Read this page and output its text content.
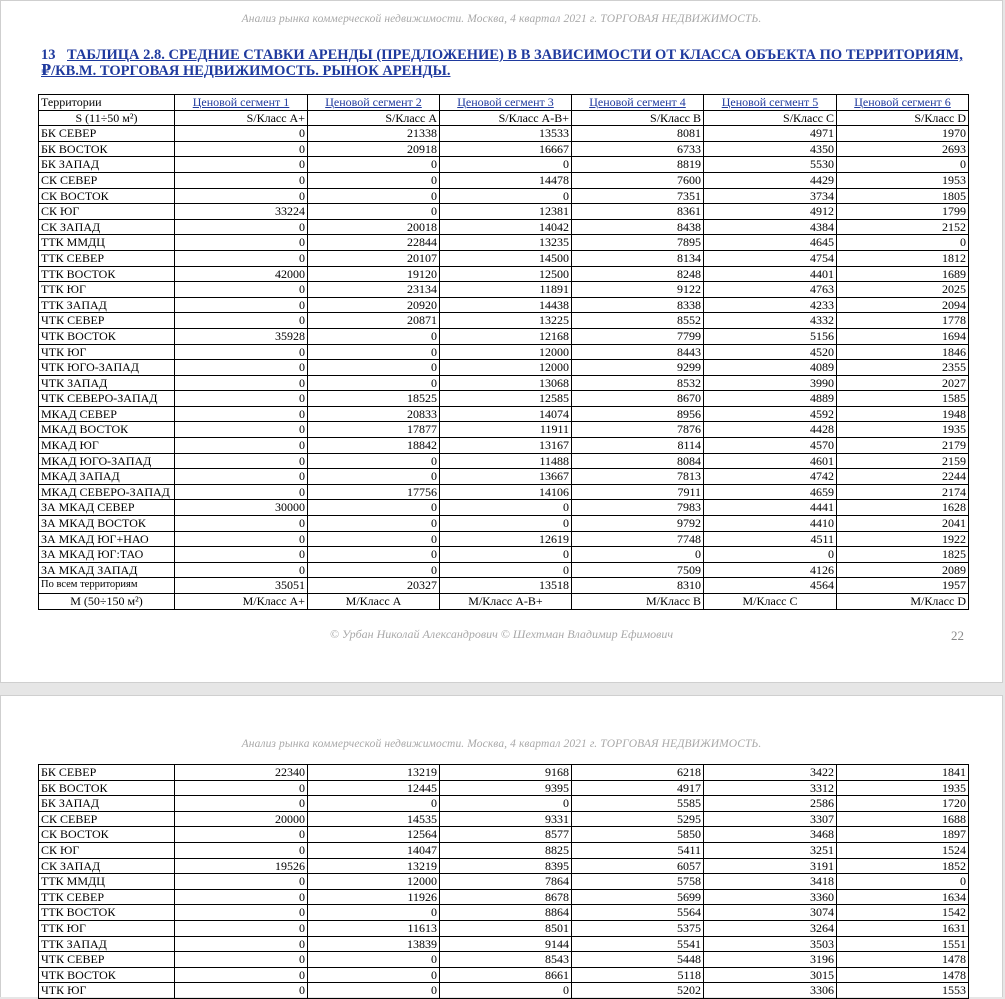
Анализ рынка коммерческой недвижимости. Москва, 4 квартал 2021 г. ТОРГОВАЯ НЕДВИЖИМОСТЬ.
13 ТАБЛИЦА 2.8. СРЕДНИЕ СТАВКИ АРЕНДЫ (ПРЕДЛОЖЕНИЕ) В В ЗАВИСИМОСТИ ОТ КЛАССА ОБЪЕКТА ПО ТЕРРИТОРИЯМ, ₽/КВ.М. ТОРГОВАЯ НЕДВИЖИМОСТЬ. РЫНОК АРЕНДЫ.
Территории	Ценовой сегмент 1	Ценовой сегмент 2	Ценовой сегмент 3	Ценовой сегмент 4	Ценовой сегмент 5	Ценовой сегмент 6
S (11÷50 м²)	S/Класс А+	S/Класс А	S/Класс А-В+	S/Класс В	S/Класс С	S/Класс D
БК СЕВЕР	0	21338	13533	8081	4971	1970
БК ВОСТОК	0	20918	16667	6733	4350	2693
БК ЗАПАД	0	0	0	8819	5530	0
СК СЕВЕР	0	0	14478	7600	4429	1953
СК ВОСТОК	0	0	0	7351	3734	1805
СК ЮГ	33224	0	12381	8361	4912	1799
СК ЗАПАД	0	20018	14042	8438	4384	2152
ТТК ММДЦ	0	22844	13235	7895	4645	0
ТТК СЕВЕР	0	20107	14500	8134	4754	1812
ТТК ВОСТОК	42000	19120	12500	8248	4401	1689
ТТК ЮГ	0	23134	11891	9122	4763	2025
ТТК ЗАПАД	0	20920	14438	8338	4233	2094
ЧТК СЕВЕР	0	20871	13225	8552	4332	1778
ЧТК ВОСТОК	35928	0	12168	7799	5156	1694
ЧТК ЮГ	0	0	12000	8443	4520	1846
ЧТК ЮГО-ЗАПАД	0	0	12000	9299	4089	2355
ЧТК ЗАПАД	0	0	13068	8532	3990	2027
ЧТК СЕВЕРО-ЗАПАД	0	18525	12585	8670	4889	1585
МКАД СЕВЕР	0	20833	14074	8956	4592	1948
МКАД ВОСТОК	0	17877	11911	7876	4428	1935
МКАД ЮГ	0	18842	13167	8114	4570	2179
МКАД ЮГО-ЗАПАД	0	0	11488	8084	4601	2159
МКАД ЗАПАД	0	0	13667	7813	4742	2244
МКАД СЕВЕРО-ЗАПАД	0	17756	14106	7911	4659	2174
ЗА МКАД СЕВЕР	30000	0	0	7983	4441	1628
ЗА МКАД ВОСТОК	0	0	0	9792	4410	2041
ЗА МКАД ЮГ+НАО	0	0	12619	7748	4511	1922
ЗА МКАД ЮГ:ТАО	0	0	0	0	0	1825
ЗА МКАД ЗАПАД	0	0	0	7509	4126	2089
По всем территориям	35051	20327	13518	8310	4564	1957
М (50÷150 м²)	М/Класс А+	М/Класс А	М/Класс А-В+	М/Класс В	М/Класс С	М/Класс D
© Урбан Николай Александрович © Шехтман Владимир Ефимович	22
Анализ рынка коммерческой недвижимости. Москва, 4 квартал 2021 г. ТОРГОВАЯ НЕДВИЖИМОСТЬ.
БК СЕВЕР	22340	13219	9168	6218	3422	1841
БК ВОСТОК	0	12445	9395	4917	3312	1935
БК ЗАПАД	0	0	0	5585	2586	1720
СК СЕВЕР	20000	14535	9331	5295	3307	1688
СК ВОСТОК	0	12564	8577	5850	3468	1897
СК ЮГ	0	14047	8825	5411	3251	1524
СК ЗАПАД	19526	13219	8395	6057	3191	1852
ТТК ММДЦ	0	12000	7864	5758	3418	0
ТТК СЕВЕР	0	11926	8678	5699	3360	1634
ТТК ВОСТОК	0	0	8864	5564	3074	1542
ТТК ЮГ	0	11613	8501	5375	3264	1631
ТТК ЗАПАД	0	13839	9144	5541	3503	1551
ЧТК СЕВЕР	0	0	8543	5448	3196	1478
ЧТК ВОСТОК	0	0	8661	5118	3015	1478
ЧТК ЮГ	0	0	0	5202	3306	1553
